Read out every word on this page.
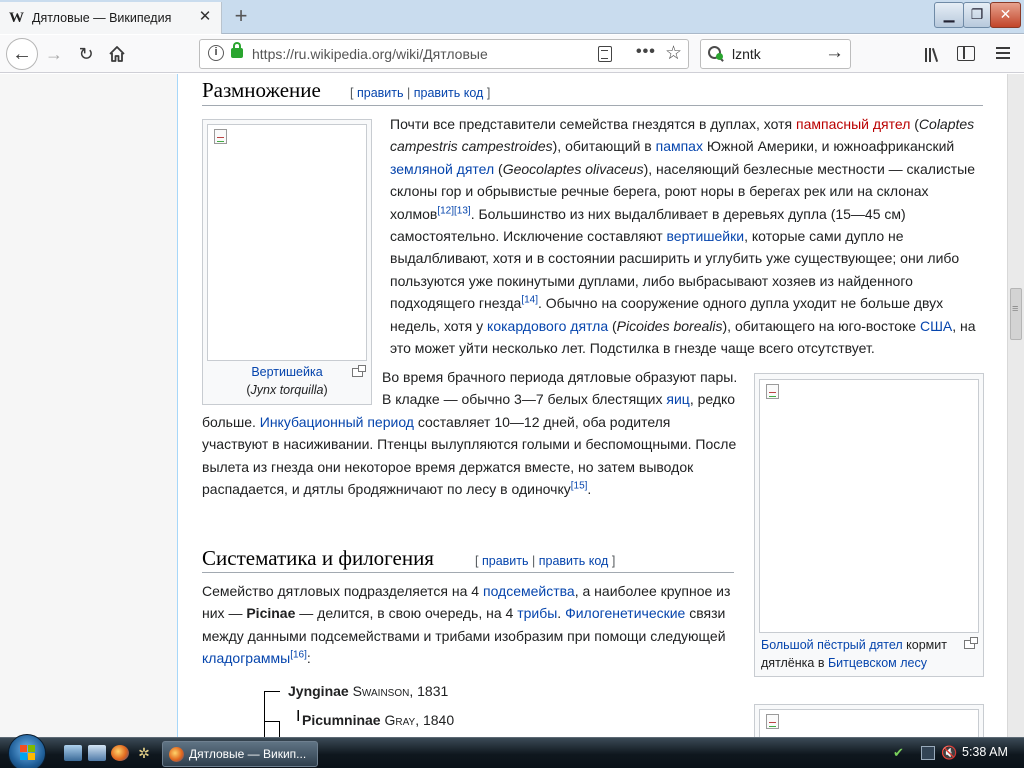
W Дятловые — Википедия ✕ +	▁	❐	✕
← → ↻	i	https://ru.wikipedia.org/wiki/Дятловые	••• ☆	lzntk	→
Размножение [ править | править код ]
Вертишейка
(Jynx torquilla)
Почти все представители семейства гнездятся в дуплах, хотя пампасный дятел (Colaptes campestris campestroides), обитающий в пампах Южной Америки, и южноафриканский земляной дятел (Geocolaptes olivaceus), населяющий безлесные местности — скалистые склоны гор и обрывистые речные берега, роют норы в берегах рек или на склонах холмов[12][13]. Большинство из них выдалбливает в деревьях дупла (15—45 см) самостоятельно. Исключение составляют вертишейки, которые сами дупло не выдалбливают, хотя и в состоянии расширить и углубить уже существующее; они либо пользуются уже покинутыми дуплами, либо выбрасывают хозяев из найденного подходящего гнезда[14]. Обычно на сооружение одного дупла уходит не больше двух недель, хотя у кокардового дятла (Picoides borealis), обитающего на юго-востоке США, на это может уйти несколько лет. Подстилка в гнезде чаще всего отсутствует.
Большой пёстрый дятел кормит дятлёнка в Битцевском лесу
Во время брачного периода дятловые образуют пары. В кладке — обычно 3—7 белых блестящих яиц, редко больше. Инкубационный период составляет 10—12 дней, оба родителя участвуют в насиживании. Птенцы вылупляются голыми и беспомощными. После вылета из гнезда они некоторое время держатся вместе, но затем выводок распадается, и дятлы бродяжничают по лесу в одиночку[15].
Систематика и филогения	[ править | править код ]
Семейство дятловых подразделяется на 4 подсемейства, а наиболее крупное из них — Picinae — делится, в свою очередь, на 4 трибы. Филогенетические связи между данными подсемействами и трибами изобразим при помощи следующей кладограммы[16]:
Jynginae Swainson, 1831
Picumninae Gray, 1840
I
≡
✲	Дятловые — Викип...	✔	🔇 5:38 AM
